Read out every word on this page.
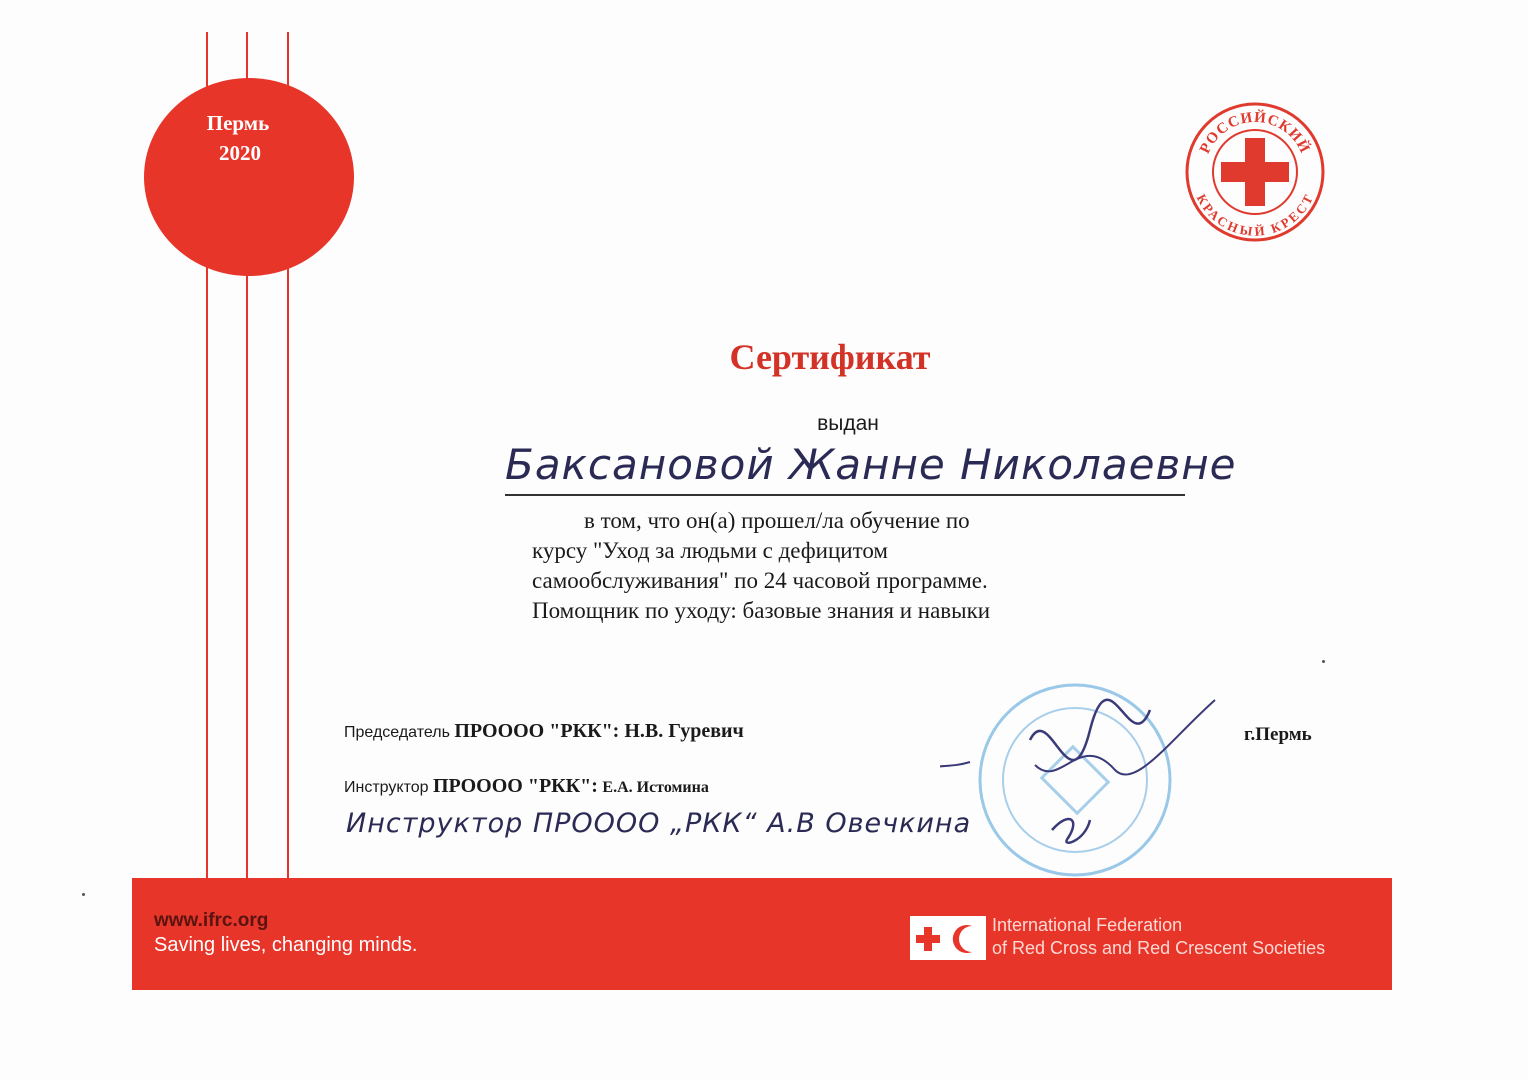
Пермь
2020	РОССИЙСКИЙ
КРАСНЫЙ КРЕСТ
Сертификат
выдан
Баксановой Жанне Николаевне
в том, что он(а) прошел/ла обучение по
курсу "Уход за людьми с дефицитом
самообслуживания" по 24 часовой программе.
Помощник по уходу: базовые знания и навыки
Председатель ПРОООО "РКК": Н.В. Гуревич
Инструктор ПРОООО "РКК": Е.А. Истомина
Инструктор ПРОООО „РКК“ А.В Овечкина
г.Пермь
www.ifrc.org
Saving lives, changing minds.
International Federation
of Red Cross and Red Crescent Societies
